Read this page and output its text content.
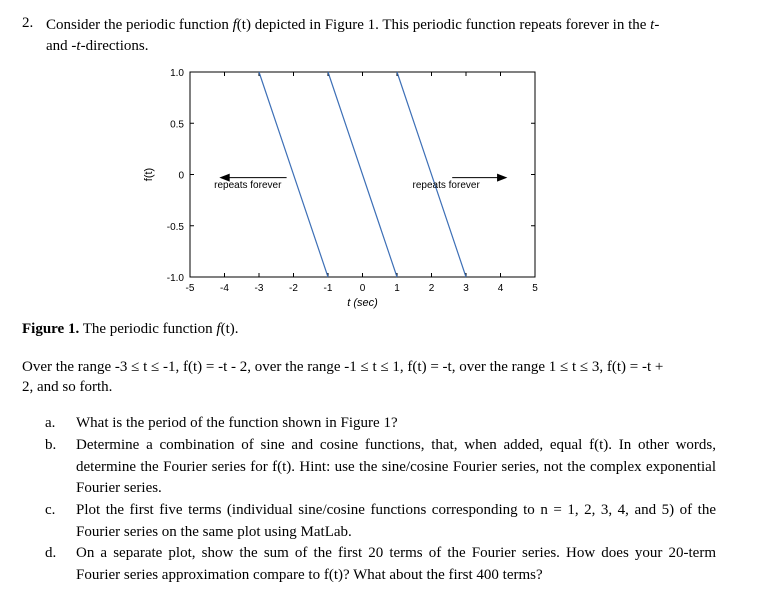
2. Consider the periodic function f(t) depicted in Figure 1. This periodic function repeats forever in the t-
and -t-directions.
-5	-4	-3	-2	-1	0	1	2	3	4	5
1.0
0.5
0
-0.5
-1.0
repeats forever	repeats forever
f(t)
t (sec)
Figure 1. The periodic function f(t).
Over the range -3 ≤ t ≤ -1, f(t) = -t - 2, over the range -1 ≤ t ≤ 1, f(t) = -t, over the range 1 ≤ t ≤ 3, f(t) = -t +
2, and so forth.
a. What is the period of the function shown in Figure 1?
b. Determine a combination of sine and cosine functions, that, when added, equal f(t). In other words, determine the Fourier series for f(t). Hint: use the sine/cosine Fourier series, not the complex exponential Fourier series.
c. Plot the first five terms (individual sine/cosine functions corresponding to n = 1, 2, 3, 4, and 5) of the Fourier series on the same plot using MatLab.
d. On a separate plot, show the sum of the first 20 terms of the Fourier series. How does your 20-term Fourier series approximation compare to f(t)? What about the first 400 terms?
